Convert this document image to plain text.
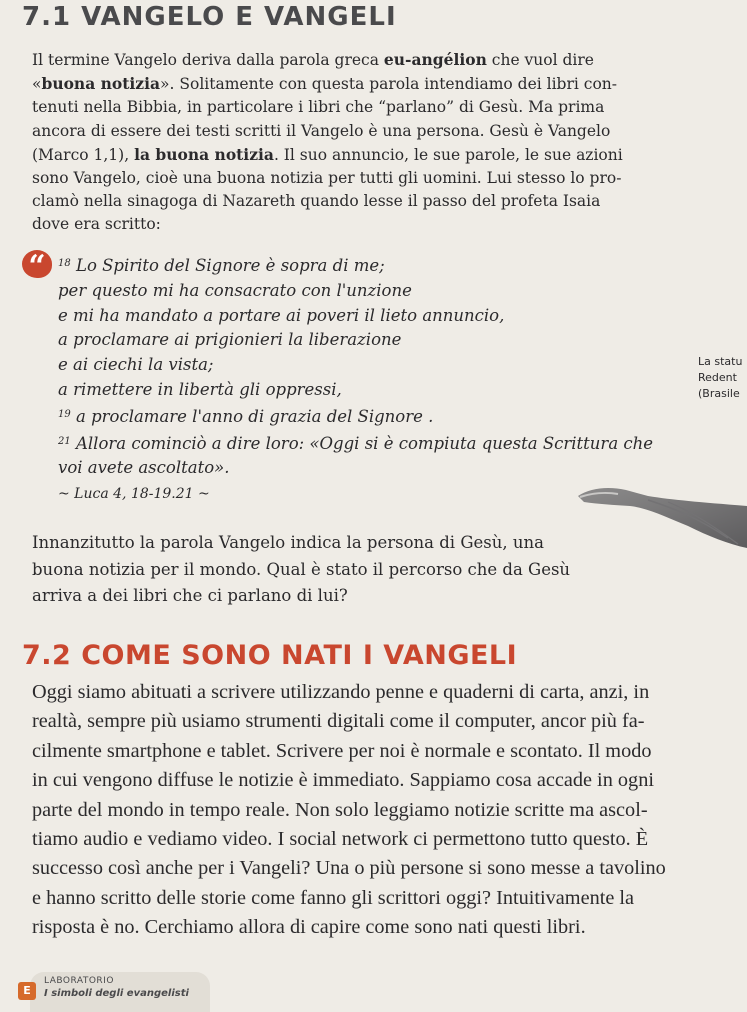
7.1 VANGELO E VANGELI

Il termine Vangelo deriva dalla parola greca eu-angélion che vuol dire

«buona notizia». Solitamente con questa parola intendiamo dei libri con-

tenuti nella Bibbia, in particolare i libri che “parlano” di Gesù. Ma prima

ancora di essere dei testi scritti il Vangelo è una persona. Gesù è Vangelo

(Marco 1,1), la buona notizia. Il suo annuncio, le sue parole, le sue azioni

sono Vangelo, cioè una buona notizia per tutti gli uomini. Lui stesso lo pro-

clamò nella sinagoga di Nazareth quando lesse il passo del profeta Isaia

dove era scritto:

“	$^{18}$ Lo Spirito del Signore è sopra di me;

per questo mi ha consacrato con l'unzione

e mi ha mandato a portare ai poveri il lieto annuncio,

a proclamare ai prigionieri la liberazione

e ai ciechi la vista;

a rimettere in libertà gli oppressi,

$^{19}$ a proclamare l'anno di grazia del Signore .

$^{21}$ Allora cominciò a dire loro: «Oggi si è compiuta questa Scrittura che

voi avete ascoltato».

~ Luca 4, 18-19.21 ~

La statu

Redent

(Brasile

Innanzitutto la parola Vangelo indica la persona di Gesù, una

buona notizia per il mondo. Qual è stato il percorso che da Gesù

arriva a dei libri che ci parlano di lui?

7.2 COME SONO NATI I VANGELI

Oggi siamo abituati a scrivere utilizzando penne e quaderni di carta, anzi, in

realtà, sempre più usiamo strumenti digitali come il computer, ancor più fa-

cilmente smartphone e tablet. Scrivere per noi è normale e scontato. Il modo

in cui vengono diffuse le notizie è immediato. Sappiamo cosa accade in ogni

parte del mondo in tempo reale. Non solo leggiamo notizie scritte ma ascol-

tiamo audio e vediamo video. I social network ci permettono tutto questo. È

successo così anche per i Vangeli? Una o più persone si sono messe a tavolino

e hanno scritto delle storie come fanno gli scrittori oggi? Intuitivamente la

risposta è no. Cerchiamo allora di capire come sono nati questi libri.

E
LABORATORIO
I simboli degli evangelisti
